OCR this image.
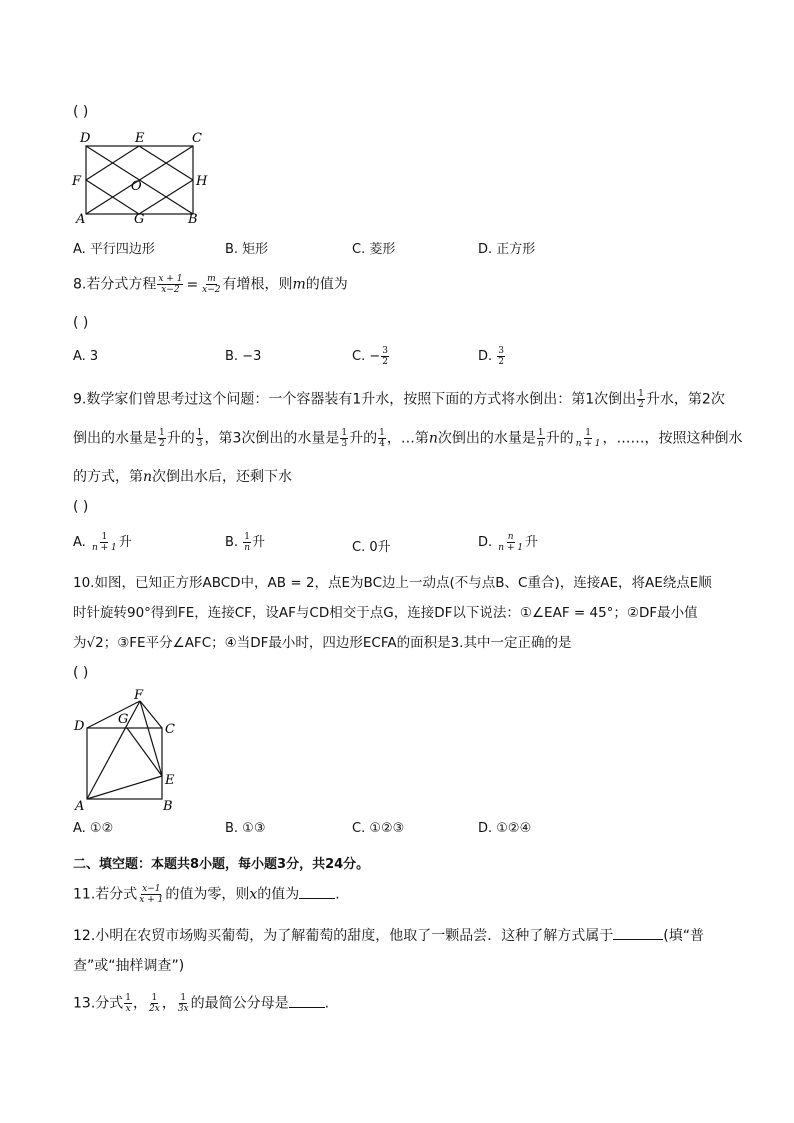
( )
D	E	C
F	O	H
A	G	B
A. 平行四边形	B. 矩形	C. 菱形	D. 正方形
8.若分式方程 $\frac{x + 1}{x-2} = \frac{m}{x-2}$ 有增根，则m的值为
( )
A. 3	B. −3	C. − $\frac{3}{2}$	D. $\frac{3}{2}$
9.数学家们曾思考过这个问题：一个容器装有1升水，按照下面的方式将水倒出：第1次倒出 $\frac{1}{2}$ 升水，第2次
倒出的水量是 $\frac{1}{2}$ 升的 $\frac{1}{3}$ ，第3次倒出的水量是 $\frac{1}{3}$ 升的 $\frac{1}{4}$ ，…第n次倒出的水量是 $\frac{1}{n}$ 升的 $\frac{1}{n + 1}$ ，……，按照这种倒水
的方式，第n次倒出水后，还剩下水
( )
A. $\frac{1}{n + 1}$ 升	B. $\frac{1}{n}$ 升	C. 0升	D. $\frac{n}{n + 1}$ 升
10.如图，已知正方形ABCD中，AB = 2，点E为BC边上一动点(不与点B、C重合)，连接AE，将AE绕点E顺
时针旋转90°得到FE，连接CF，设AF与CD相交于点G，连接DF以下说法：①∠EAF = 45°；②DF最小值
为√2；③FE平分∠AFC；④当DF最小时，四边形ECFA的面积是3.其中一定正确的是
( )
F
G
D	C
E
A	B
A. ①②	B. ①③	C. ①②③	D. ①②④
二、填空题：本题共8小题，每小题3分，共24分。
11.若分式 $\frac{x-1}{x + 1}$ 的值为零，则x的值为	.
12.小明在农贸市场购买葡萄，为了解葡萄的甜度，他取了一颗品尝．这种了解方式属于	(填“普
查”或“抽样调查”)
13.分式 $\frac{1}{x}$ ， $\frac{1}{2x}$ ， $\frac{1}{3x}$ 的最简公分母是	.
